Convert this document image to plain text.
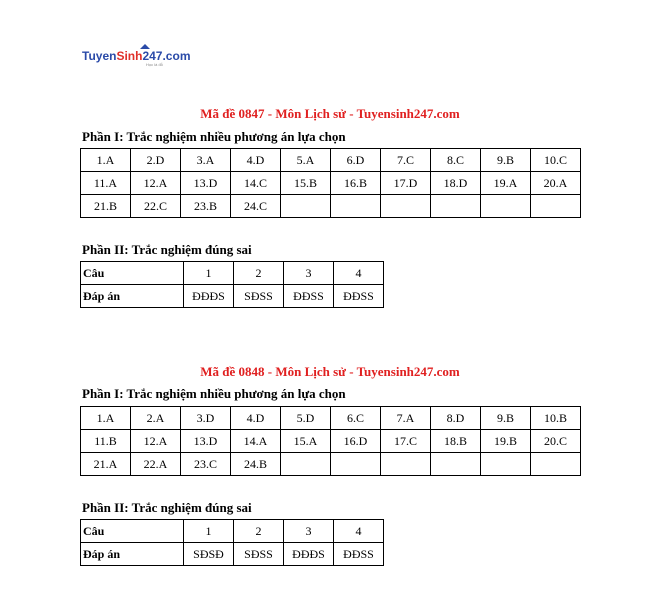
TuyenSinh247.com
Học là đỗ
Mã đề 0847 - Môn Lịch sử - Tuyensinh247.com
Phần I: Trắc nghiệm nhiều phương án lựa chọn
1.A	2.D	3.A	4.D	5.A	6.D	7.C	8.C	9.B	10.C
11.A	12.A	13.D	14.C	15.B	16.B	17.D	18.D	19.A	20.A
21.B	22.C	23.B	24.C						
Phần II: Trắc nghiệm đúng sai
Câu	1	2	3	4
Đáp án	ĐĐĐS	SĐSS	ĐĐSS	ĐĐSS
Mã đề 0848 - Môn Lịch sử - Tuyensinh247.com
Phần I: Trắc nghiệm nhiều phương án lựa chọn
1.A	2.A	3.D	4.D	5.D	6.C	7.A	8.D	9.B	10.B
11.B	12.A	13.D	14.A	15.A	16.D	17.C	18.B	19.B	20.C
21.A	22.A	23.C	24.B						
Phần II: Trắc nghiệm đúng sai
Câu	1	2	3	4
Đáp án	SĐSĐ	SĐSS	ĐĐĐS	ĐĐSS
